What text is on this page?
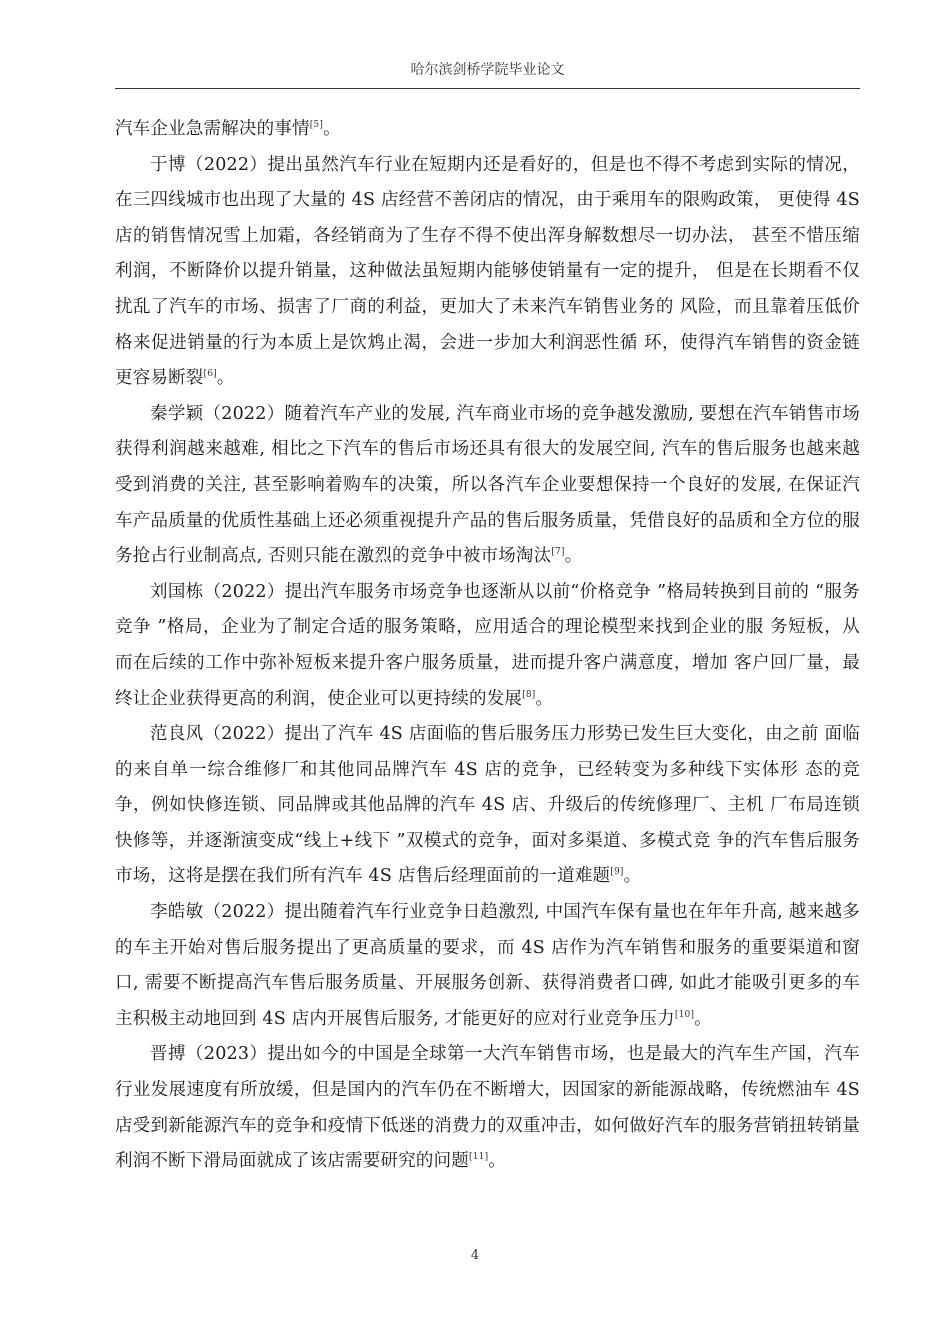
哈尔滨剑桥学院毕业论文

汽车企业急需解决的事情[5]。

于博（2022）提出虽然汽车行业在短期内还是看好的，但是也不得不考虑到实际的情况，在三四线城市也出现了大量的 4S 店经营不善闭店的情况，由于乘用车的限购政策， 更使得 4S 店的销售情况雪上加霜，各经销商为了生存不得不使出浑身解数想尽一切办法， 甚至不惜压缩利润，不断降价以提升销量，这种做法虽短期内能够使销量有一定的提升， 但是在长期看不仅扰乱了汽车的市场、损害了厂商的利益，更加大了未来汽车销售业务的 风险，而且靠着压低价格来促进销量的行为本质上是饮鸩止渴，会进一步加大利润恶性循 环，使得汽车销售的资金链更容易断裂[6]。

秦学颖（2022）随着汽车产业的发展, 汽车商业市场的竞争越发激励, 要想在汽车销售市场获得利润越来越难, 相比之下汽车的售后市场还具有很大的发展空间, 汽车的售后服务也越来越受到消费的关注, 甚至影响着购车的决策，所以各汽车企业要想保持一个良好的发展, 在保证汽车产品质量的优质性基础上还必须重视提升产品的售后服务质量，凭借良好的品质和全方位的服务抢占行业制高点, 否则只能在激烈的竞争中被市场淘汰[7]。

刘国栋（2022）提出汽车服务市场竞争也逐渐从以前“价格竞争 ”格局转换到目前的 “服务竞争 ”格局，企业为了制定合适的服务策略，应用适合的理论模型来找到企业的服 务短板，从而在后续的工作中弥补短板来提升客户服务质量，进而提升客户满意度，增加 客户回厂量，最终让企业获得更高的利润，使企业可以更持续的发展[8]。

范良风（2022）提出了汽车 4S 店面临的售后服务压力形势已发生巨大变化，由之前 面临的来自单一综合维修厂和其他同品牌汽车 4S 店的竞争，已经转变为多种线下实体形 态的竞争，例如快修连锁、同品牌或其他品牌的汽车 4S 店、升级后的传统修理厂、主机 厂布局连锁快修等，并逐渐演变成“线上+线下 ”双模式的竞争，面对多渠道、多模式竞 争的汽车售后服务市场，这将是摆在我们所有汽车 4S 店售后经理面前的一道难题[9]。

李皓敏（2022）提出随着汽车行业竞争日趋激烈, 中国汽车保有量也在年年升高, 越来越多的车主开始对售后服务提出了更高质量的要求，而 4S 店作为汽车销售和服务的重要渠道和窗口, 需要不断提高汽车售后服务质量、开展服务创新、获得消费者口碑, 如此才能吸引更多的车主积极主动地回到 4S 店内开展售后服务, 才能更好的应对行业竞争压力[10]。

晋搏（2023）提出如今的中国是全球第一大汽车销售市场，也是最大的汽车生产国，汽车行业发展速度有所放缓，但是国内的汽车仍在不断增大，因国家的新能源战略，传统燃油车 4S 店受到新能源汽车的竞争和疫情下低迷的消费力的双重冲击，如何做好汽车的服务营销扭转销量利润不断下滑局面就成了该店需要研究的问题[11]。

4
